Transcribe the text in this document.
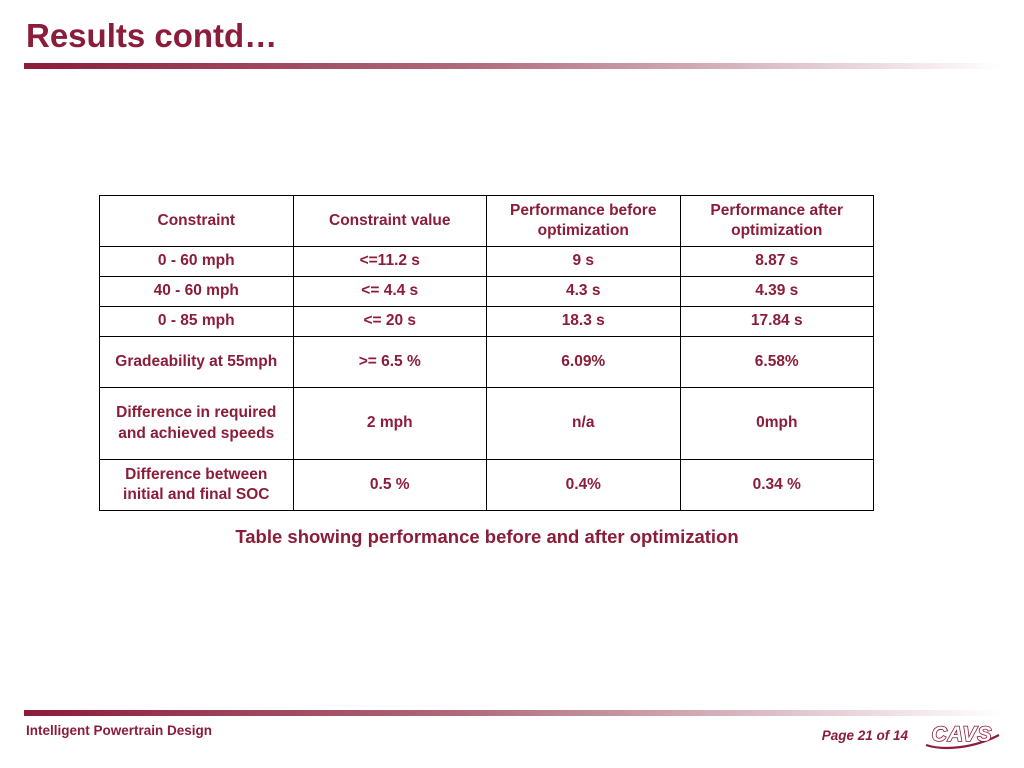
Results contd…
Constraint	Constraint value	Performance before optimization	Performance after optimization
0 - 60 mph	<=11.2 s	9 s	8.87 s
40 - 60 mph	<= 4.4 s	4.3 s	4.39 s
0 - 85 mph	<= 20 s	18.3 s	17.84 s
Gradeability at 55mph	>= 6.5 %	6.09%	6.58%
Difference in required and achieved speeds	2 mph	n/a	0mph
Difference between initial and final SOC	0.5 %	0.4%	0.34 %
Table showing performance before and after optimization
Intelligent Powertrain Design	Page 21 of 14 CAVS
